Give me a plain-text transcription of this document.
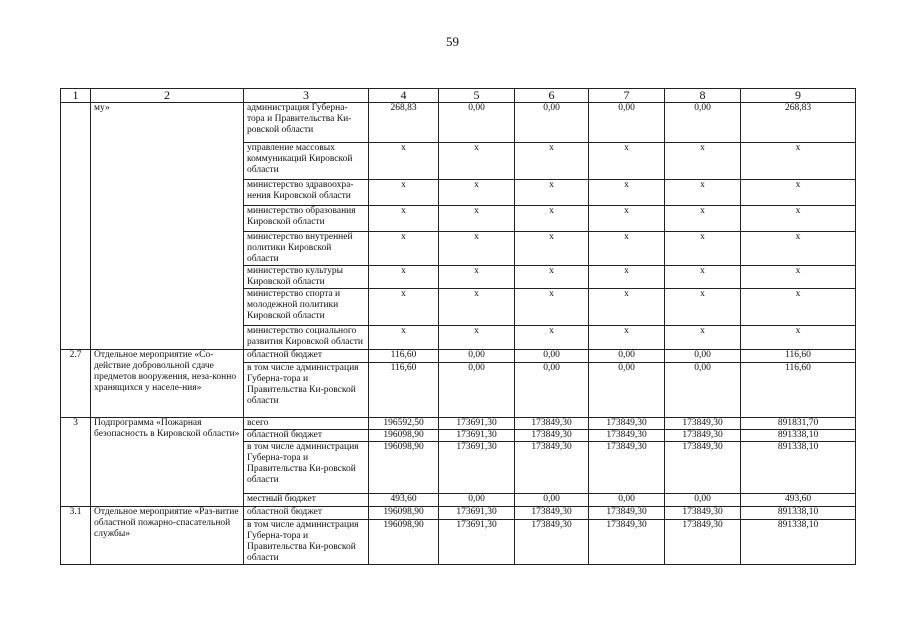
59
1	2	3	4	5	6	7	8	9
	му»	администрация Губерна-тора и Правительства Ки-ровской области	268,83	0,00	0,00	0,00	0,00	268,83
		управление массовых коммуникаций Кировской области	x	x	x	x	x	x
		министерство здравоохра-нения Кировской области	x	x	x	x	x	x
		министерство образования Кировской области	x	x	x	x	x	x
		министерство внутренней политики Кировской области	x	x	x	x	x	x
		министерство культуры Кировской области	x	x	x	x	x	x
		министерство спорта и молодежной политики Кировской области	x	x	x	x	x	x
		министерство социального развития Кировской области	x	x	x	x	x	x
2.7	Отдельное мероприятие «Со-действие добровольной сдаче предметов вооружения, неза-конно хранящихся у населе-ния»	областной бюджет	116,60	0,00	0,00	0,00	0,00	116,60
		в том числе администрация Губерна-тора и Правительства Ки-ровской области	116,60	0,00	0,00	0,00	0,00	116,60
3	Подпрограмма «Пожарная безопасность в Кировской области»	всего	196592,50	173691,30	173849,30	173849,30	173849,30	891831,70
		областной бюджет	196098,90	173691,30	173849,30	173849,30	173849,30	891338,10
		в том числе администрация Губерна-тора и Правительства Ки-ровской области	196098,90	173691,30	173849,30	173849,30	173849,30	891338,10
		местный бюджет	493,60	0,00	0,00	0,00	0,00	493,60
3.1	Отдельное мероприятие «Раз-витие областной пожарно-спасательной службы»	областной бюджет	196098,90	173691,30	173849,30	173849,30	173849,30	891338,10
		в том числе администрация Губерна-тора и Правительства Ки-ровской области	196098,90	173691,30	173849,30	173849,30	173849,30	891338,10
